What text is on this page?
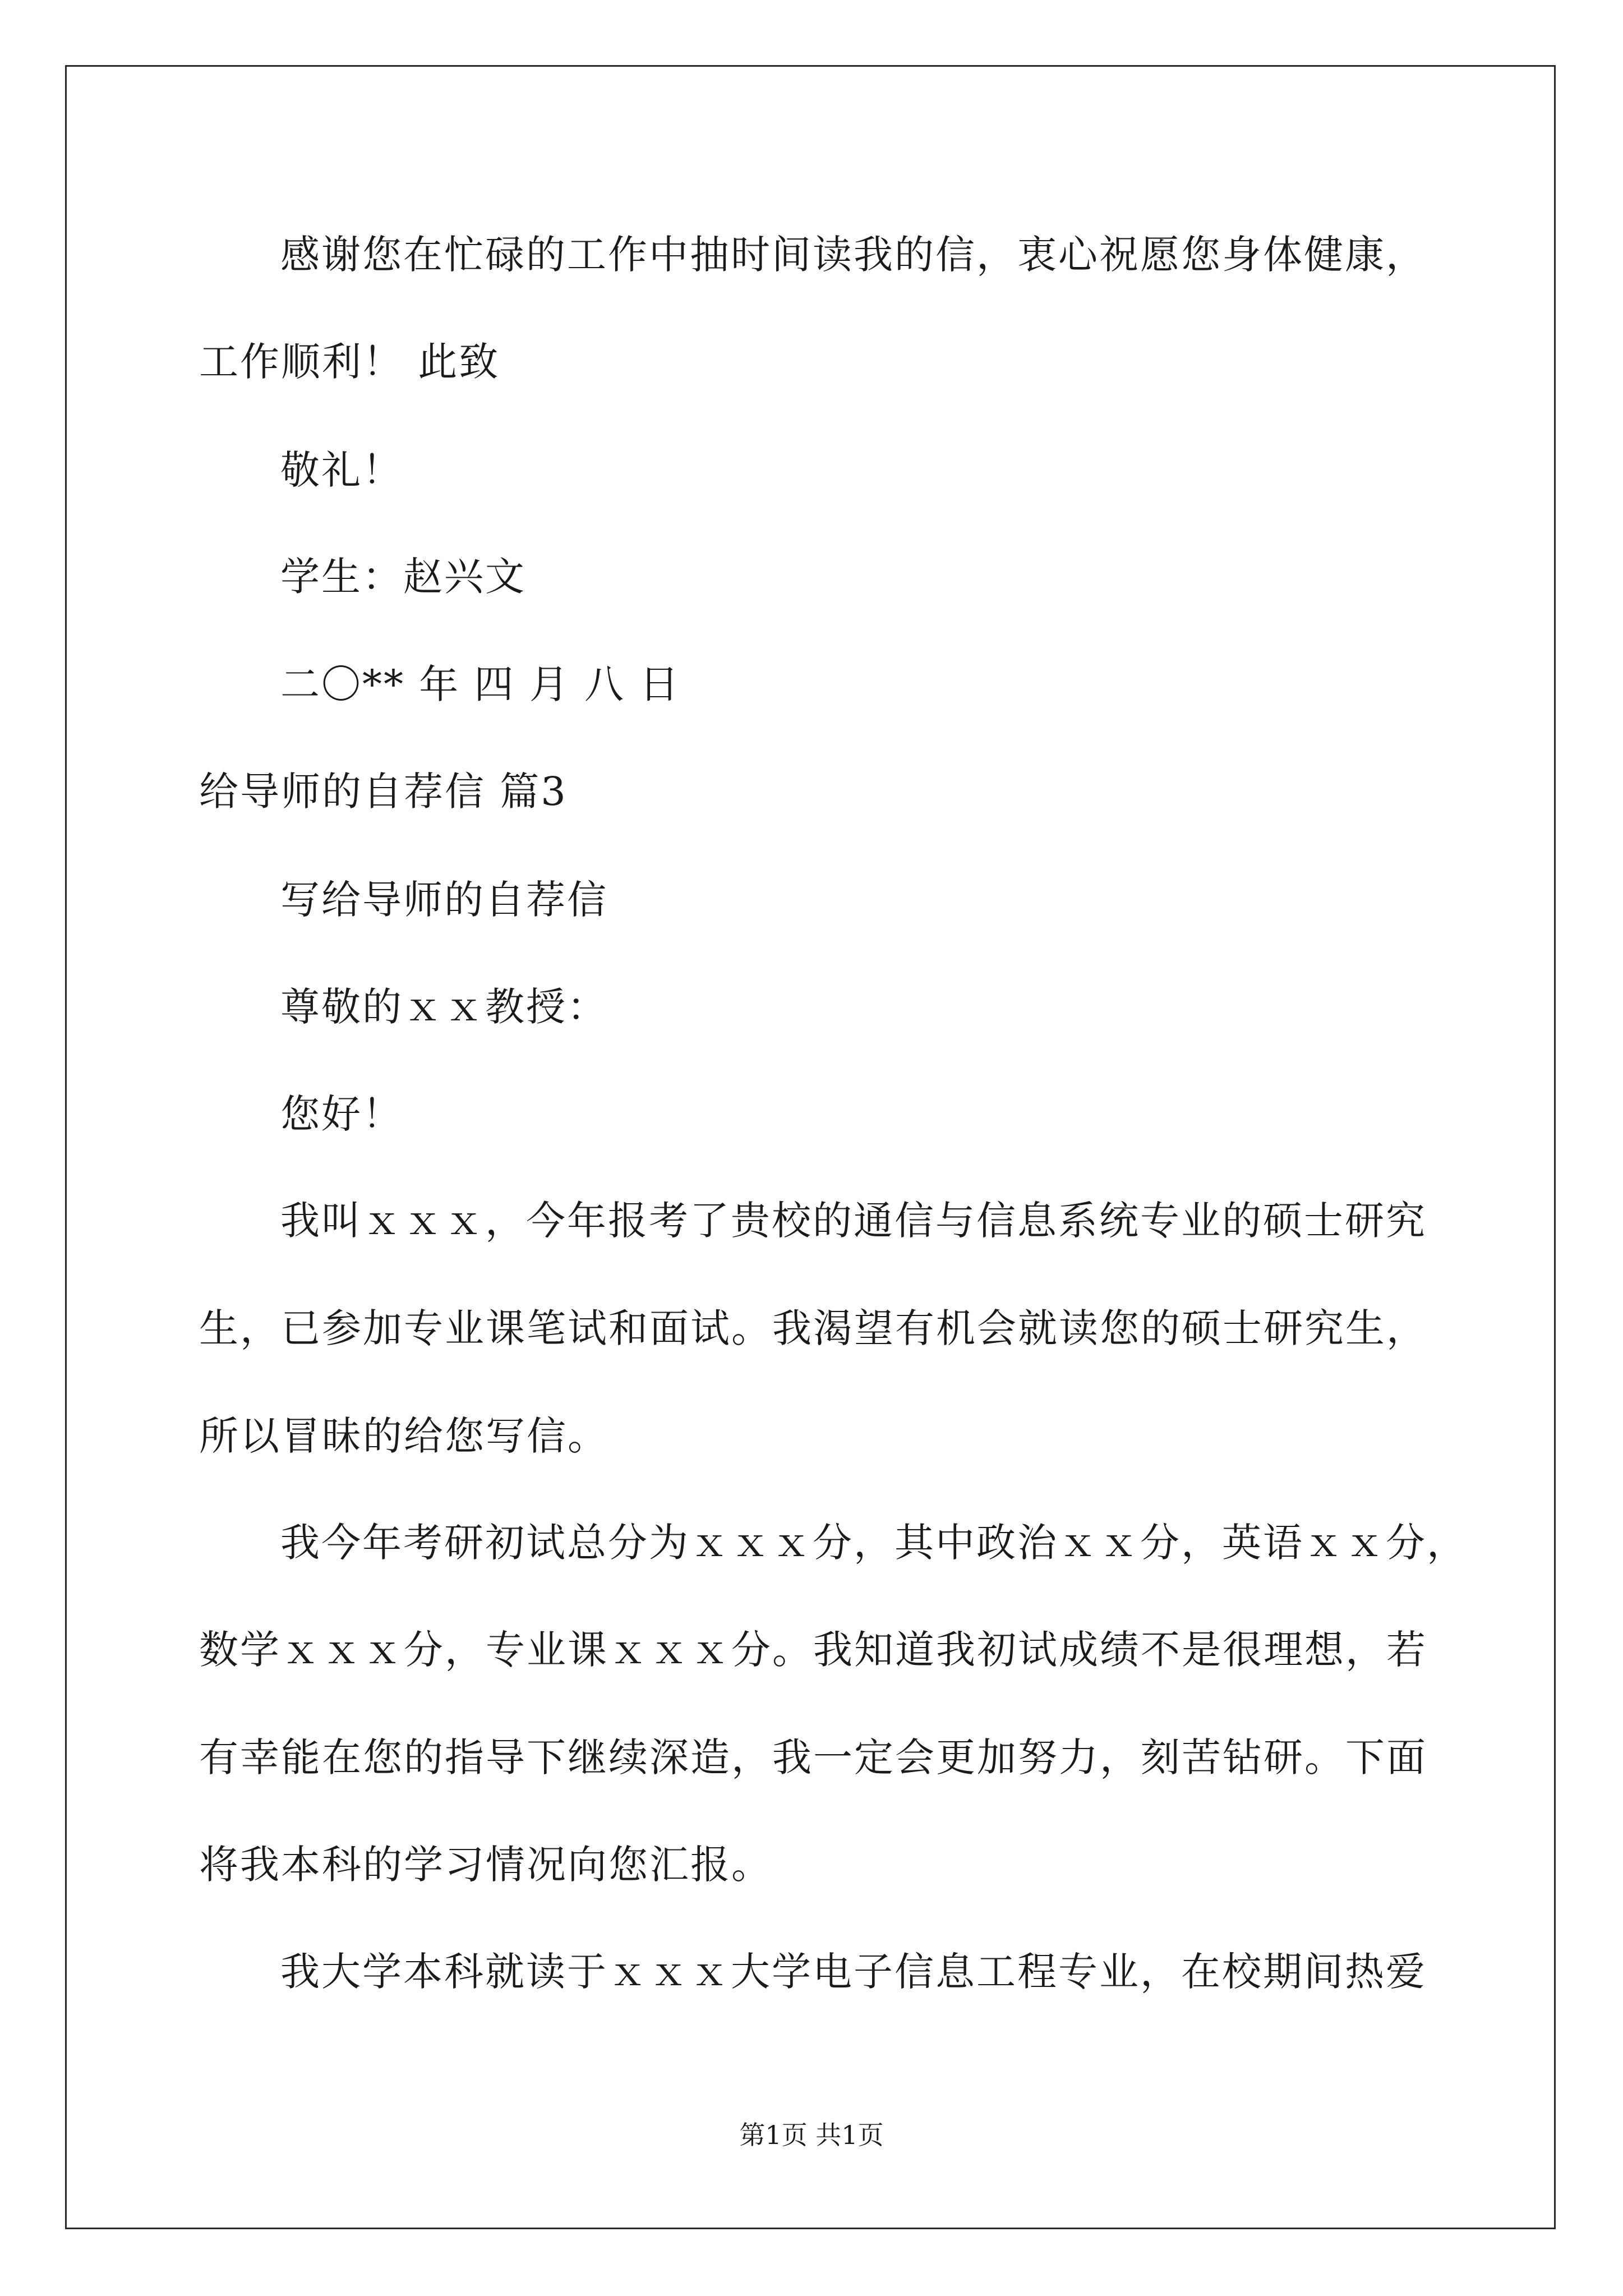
感谢您在忙碌的工作中抽时间读我的信，衷心祝愿您身体健康，
工作顺利！ 此致
敬礼！
学生：赵兴文
二〇** 年 四 月 八 日
给导师的自荐信 篇3
写给导师的自荐信
尊敬的ｘｘ教授：
您好！
我叫ｘｘｘ，今年报考了贵校的通信与信息系统专业的硕士研究
生，已参加专业课笔试和面试。我渴望有机会就读您的硕士研究生，
所以冒昧的给您写信。
我今年考研初试总分为ｘｘｘ分，其中政治ｘｘ分，英语ｘｘ分，
数学ｘｘｘ分，专业课ｘｘｘ分。我知道我初试成绩不是很理想，若
有幸能在您的指导下继续深造，我一定会更加努力，刻苦钻研。下面
将我本科的学习情况向您汇报。
我大学本科就读于ｘｘｘ大学电子信息工程专业，在校期间热爱
第1页 共1页
